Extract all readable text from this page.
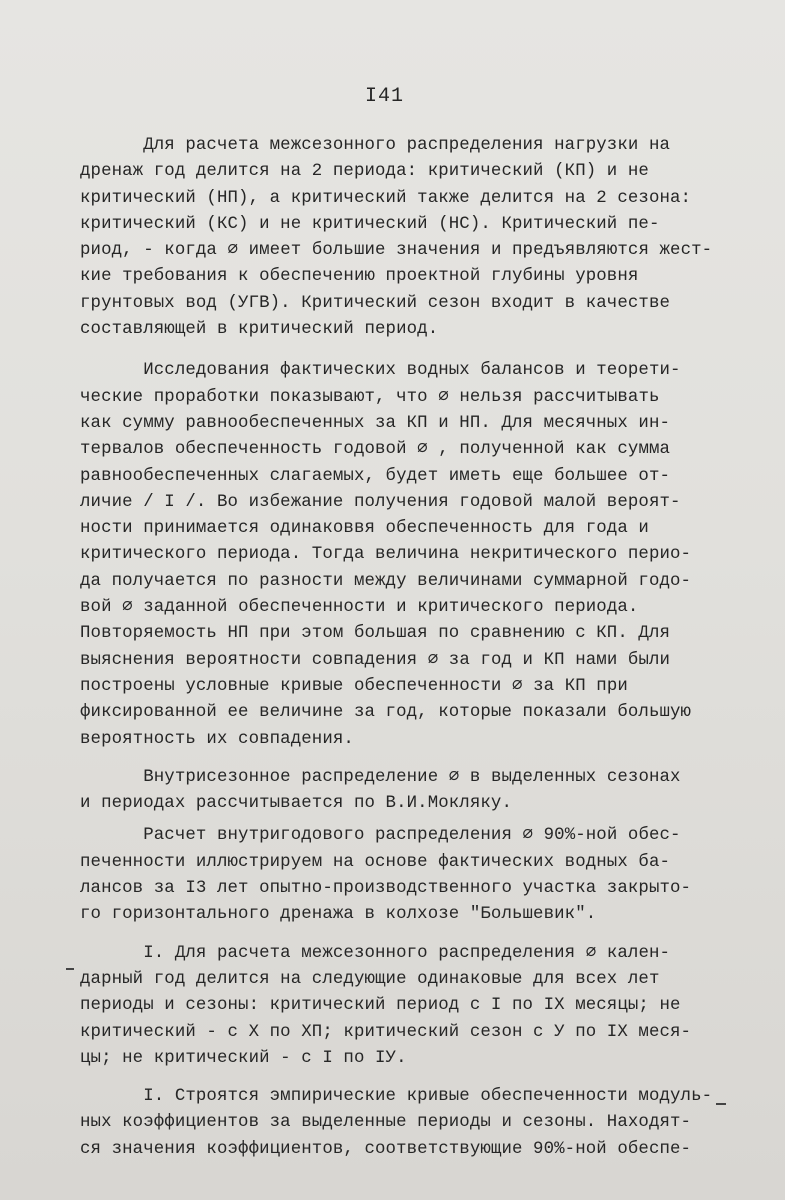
I41
Для расчета межсезонного распределения нагрузки на
дренаж год делится на 2 периода: критический (КП) и не
критический (НП), а критический также делится на 2 сезона:
критический (КС) и не критический (НС). Критический пе-
риод, - когда ∅ имеет большие значения и предъявляются жест-
кие требования к обеспечению проектной глубины уровня
грунтовых вод (УГВ). Критический сезон входит в качестве
составляющей в критический период.
Исследования фактических водных балансов и теорети-
ческие проработки показывают, что ∅ нельзя рассчитывать
как сумму равнообеспеченных за КП и НП. Для месячных ин-
тервалов обеспеченность годовой ∅ , полученной как сумма
равнообеспеченных слагаемых, будет иметь еще большее от-
личие / I /. Во избежание получения годовой малой вероят-
ности принимается одинаковвя обеспеченность для года и
критического периода. Тогда величина некритического перио-
да получается по разности между величинами суммарной годо-
вой ∅ заданной обеспеченности и критического периода.
Повторяемость НП при этом большая по сравнению с КП. Для
выяснения вероятности совпадения ∅ за год и КП нами были
построены условные кривые обеспеченности ∅ за КП при
фиксированной ее величине за год, которые показали большую
вероятность их совпадения.
Внутрисезонное распределение ∅ в выделенных сезонах
и периодах рассчитывается по В.И.Мокляку.
Расчет внутригодового распределения ∅ 90%-ной обес-
печенности иллюстрируем на основе фактических водных ба-
лансов за I3 лет опытно-производственного участка закрыто-
го горизонтального дренажа в колхозе "Большевик".
I. Для расчета межсезонного распределения ∅ кален-
дарный год делится на следующие одинаковые для всех лет
периоды и сезоны: критический период с I по IX месяцы; не
критический - с X по XП; критический сезон с У по IX меся-
цы; не критический - с I по IУ.
I. Строятся эмпирические кривые обеспеченности модуль-
ных коэффициентов за выделенные периоды и сезоны. Находят-
ся значения коэффициентов, соответствующие 90%-ной обеспе-
